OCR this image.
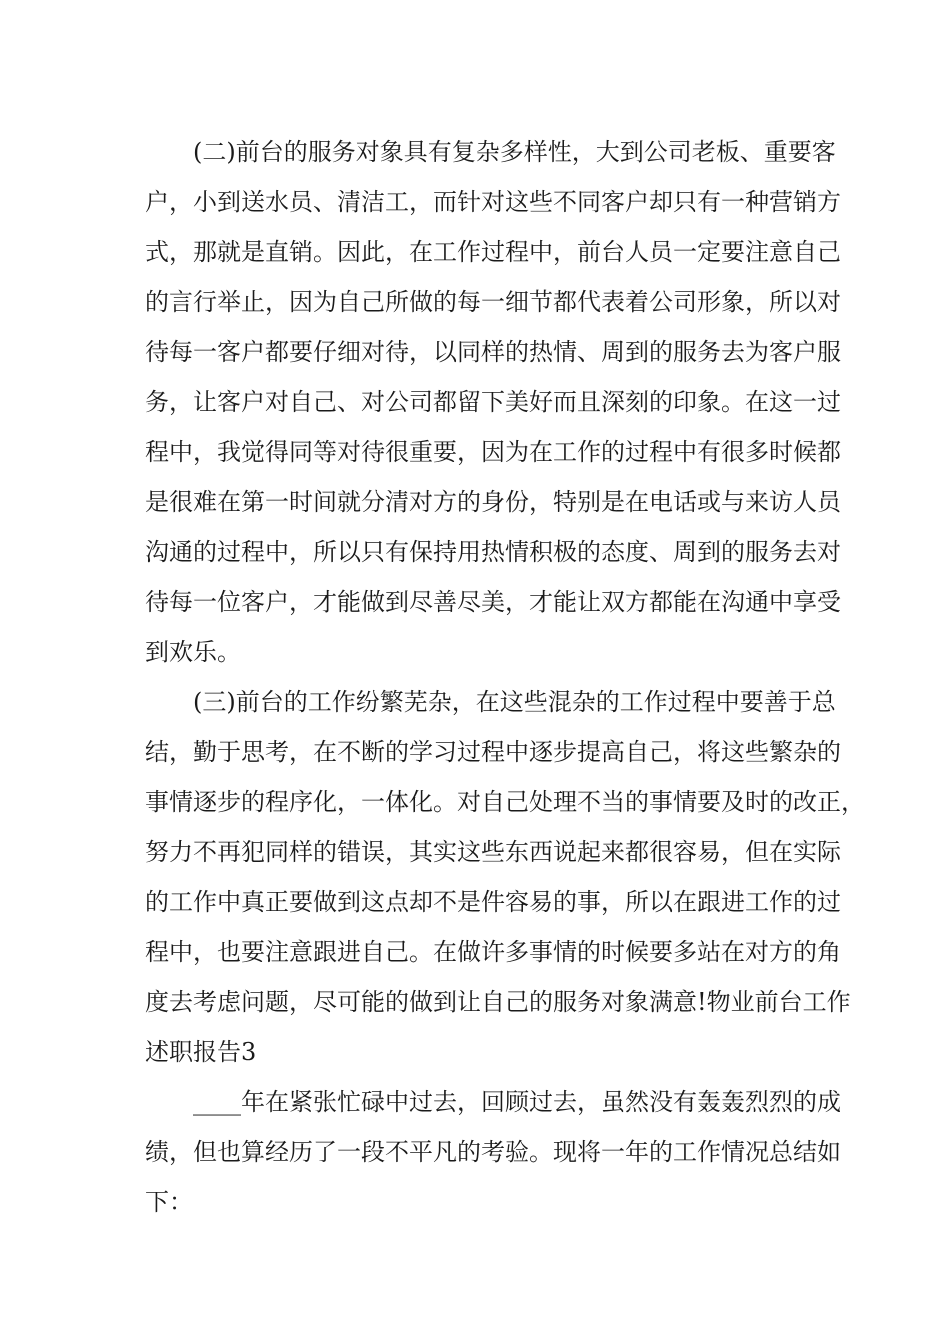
(二)前台的服务对象具有复杂多样性，大到公司老板、重要客
户，小到送水员、清洁工，而针对这些不同客户却只有一种营销方
式，那就是直销。因此，在工作过程中，前台人员一定要注意自己
的言行举止，因为自己所做的每一细节都代表着公司形象，所以对
待每一客户都要仔细对待，以同样的热情、周到的服务去为客户服
务，让客户对自己、对公司都留下美好而且深刻的印象。在这一过
程中，我觉得同等对待很重要，因为在工作的过程中有很多时候都
是很难在第一时间就分清对方的身份，特别是在电话或与来访人员
沟通的过程中，所以只有保持用热情积极的态度、周到的服务去对
待每一位客户，才能做到尽善尽美，才能让双方都能在沟通中享受
到欢乐。
(三)前台的工作纷繁芜杂，在这些混杂的工作过程中要善于总
结，勤于思考，在不断的学习过程中逐步提高自己，将这些繁杂的
事情逐步的程序化，一体化。对自己处理不当的事情要及时的改正，
努力不再犯同样的错误，其实这些东西说起来都很容易，但在实际
的工作中真正要做到这点却不是件容易的事，所以在跟进工作的过
程中，也要注意跟进自己。在做许多事情的时候要多站在对方的角
度去考虑问题，尽可能的做到让自己的服务对象满意!物业前台工作
述职报告3
____年在紧张忙碌中过去，回顾过去，虽然没有轰轰烈烈的成
绩，但也算经历了一段不平凡的考验。现将一年的工作情况总结如
下：
